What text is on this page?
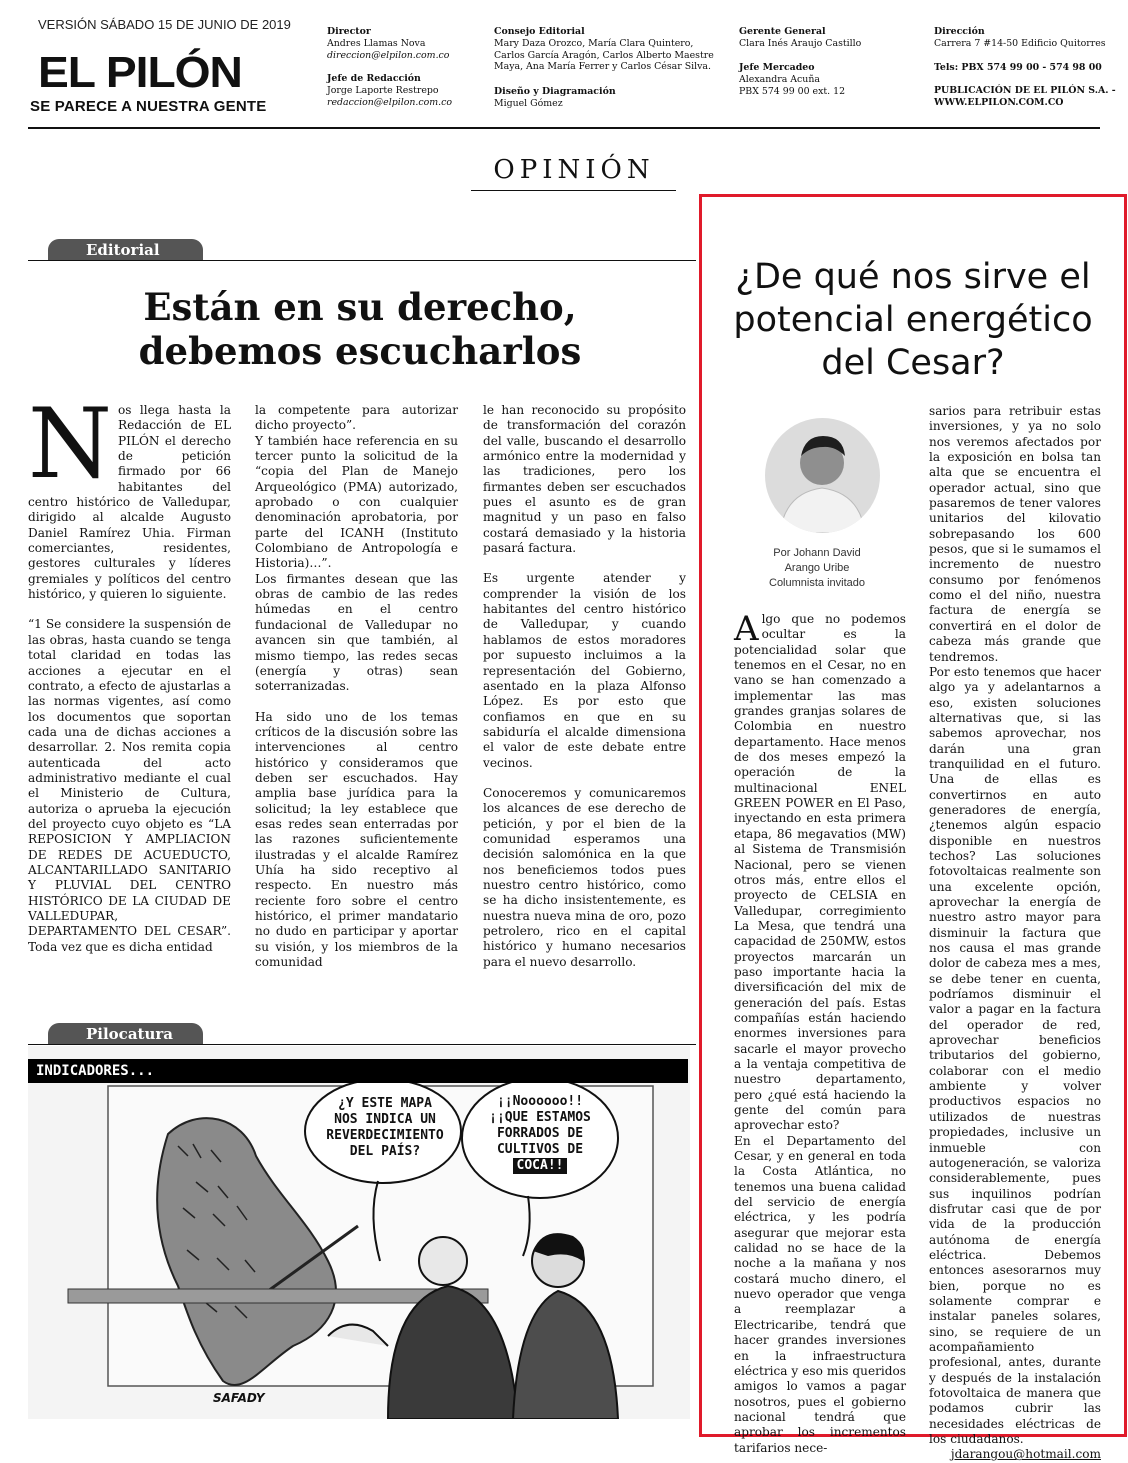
VERSIÓN SÁBADO 15 DE JUNIO DE 2019
EL PILÓN
SE PARECE A NUESTRA GENTE
Director
Andres Llamas Nova
direccion@elpilon.com.co
Jefe de Redacción
Jorge Laporte Restrepo
redaccion@elpilon.com.co
Consejo Editorial
Mary Daza Orozco, María Clara Quintero,
Carlos García Aragón, Carlos Alberto Maestre
Maya, Ana María Ferrer y Carlos César Silva.
Diseño y Diagramación
Miguel Gómez
Gerente General
Clara Inés Araujo Castillo
Jefe Mercadeo
Alexandra Acuña
PBX 574 99 00 ext. 12
Dirección
Carrera 7 #14-50 Edificio Quitorres
Tels: PBX 574 99 00 - 574 98 00
PUBLICACIÓN DE EL PILÓN S.A. -
WWW.ELPILON.COM.CO
OPINIÓN
Editorial
Están en su derecho,
debemos escucharlos

Nos llega hasta la Redacción de EL PILÓN el derecho de petición firmado por 66 habitantes del centro histórico de Valledupar, dirigido al alcalde Augusto Daniel Ramírez Uhia. Firman comerciantes, residentes, gestores culturales y líderes gremiales y políticos del centro histórico, y quieren lo siguiente.

“1 Se considere la suspensión de las obras, hasta cuando se tenga total claridad en todas las acciones a ejecutar en el contrato, a efecto de ajustarlas a las normas vigentes, así como los documentos que soportan cada una de dichas acciones a desarrollar. 2. Nos remita copia autenticada del acto administrativo mediante el cual el Ministerio de Cultura, autoriza o aprueba la ejecución del proyecto cuyo objeto es “LA REPOSICION Y AMPLIACION DE REDES DE ACUEDUCTO, ALCANTARILLADO SANITARIO Y PLUVIAL DEL CENTRO HISTÓRICO DE LA CIUDAD DE VALLEDUPAR, DEPARTAMENTO DEL CESAR”. Toda vez que es dicha entidad

la competente para autorizar dicho proyecto”.

Y también hace referencia en su tercer punto la solicitud de la “copia del Plan de Manejo Arqueológico (PMA) autorizado, aprobado o con cualquier denominación aprobatoria, por parte del ICANH (Instituto Colombiano de Antropología e Historia)…”.

Los firmantes desean que las obras de cambio de las redes húmedas en el centro fundacional de Valledupar no avancen sin que también, al mismo tiempo, las redes secas (energía y otras) sean soterranizadas.

Ha sido uno de los temas críticos de la discusión sobre las intervenciones al centro histórico y consideramos que deben ser escuchados. Hay amplia base jurídica para la solicitud; la ley establece que esas redes sean enterradas por las razones suficientemente ilustradas y el alcalde Ramírez Uhía ha sido receptivo al respecto. En nuestro más reciente foro sobre el centro histórico, el primer mandatario no dudo en participar y aportar su visión, y los miembros de la comunidad

le han reconocido su propósito de transformación del corazón del valle, buscando el desarrollo armónico entre la modernidad y las tradiciones, pero los firmantes deben ser escuchados pues el asunto es de gran magnitud y un paso en falso costará demasiado y la historia pasará factura.

Es urgente atender y comprender la visión de los habitantes del centro histórico de Valledupar, y cuando hablamos de estos moradores por supuesto incluimos a la representación del Gobierno, asentado en la plaza Alfonso López. Es por esto que confiamos en que en su sabiduría el alcalde dimensiona el valor de este debate entre vecinos.

Conoceremos y comunicaremos los alcances de ese derecho de petición, y por el bien de la comunidad esperamos una decisión salomónica en la que nos beneficiemos todos pues nuestro centro histórico, como se ha dicho insistentemente, es nuestra nueva mina de oro, pozo petrolero, rico en el capital histórico y humano necesarios para el nuevo desarrollo.

Pilocatura
¿Y ESTE MAPA
NOS INDICA UN
REVERDECIMIENTO
DEL PAÍS?
¡¡Noooooo!!
¡¡QUE ESTAMOS
FORRADOS DE
CULTIVOS DE
COCA!!
SAFADY
INDICADORES...
¿De qué nos sirve el
potencial energético
del Cesar?
Por Johann David
Arango Uribe
Columnista invitado

Algo que no podemos ocultar es la potencialidad solar que tenemos en el Cesar, no en vano se han comenzado a implementar las mas grandes granjas solares de Colombia en nuestro departamento. Hace menos de dos meses empezó la operación de la multinacional ENEL GREEN POWER en El Paso, inyectando en esta primera etapa, 86 megavatios (MW) al Sistema de Transmisión Nacional, pero se vienen otros más, entre ellos el proyecto de CELSIA en Valledupar, corregimiento La Mesa, que tendrá una capacidad de 250MW, estos proyectos marcarán un paso importante hacia la diversificación del mix de generación del país. Estas compañías están haciendo enormes inversiones para sacarle el mayor provecho a la ventaja competitiva de nuestro departamento, pero ¿qué está haciendo la gente del común para aprovechar esto?

En el Departamento del Cesar, y en general en toda la Costa Atlántica, no tenemos una buena calidad del servicio de energía eléctrica, y les podría asegurar que mejorar esta calidad no se hace de la noche a la mañana y nos costará mucho dinero, el nuevo operador que venga a reemplazar a Electricaribe, tendrá que hacer grandes inversiones en la infraestructura eléctrica y eso mis queridos amigos lo vamos a pagar nosotros, pues el gobierno nacional tendrá que aprobar los incrementos tarifarios nece-

sarios para retribuir estas inversiones, y ya no solo nos veremos afectados por la exposición en bolsa tan alta que se encuentra el operador actual, sino que pasaremos de tener valores unitarios del kilovatio sobrepasando los 600 pesos, que si le sumamos el incremento de nuestro consumo por fenómenos como el del niño, nuestra factura de energía se convertirá en el dolor de cabeza más grande que tendremos.

Por esto tenemos que hacer algo ya y adelantarnos a eso, existen soluciones alternativas que, si las sabemos aprovechar, nos darán una gran tranquilidad en el futuro. Una de ellas es convertirnos en auto generadores de energía, ¿tenemos algún espacio disponible en nuestros techos? Las soluciones fotovoltaicas realmente son una excelente opción, aprovechar la energía de nuestro astro mayor para disminuir la factura que nos causa el mas grande dolor de cabeza mes a mes, se debe tener en cuenta, podríamos disminuir el valor a pagar en la factura del operador de red, aprovechar beneficios tributarios del gobierno, colaborar con el medio ambiente y volver productivos espacios no utilizados de nuestras propiedades, inclusive un inmueble con autogeneración, se valoriza considerablemente, pues sus inquilinos podrían disfrutar casi que de por vida de la producción autónoma de energía eléctrica. Debemos entonces asesorarnos muy bien, porque no es solamente comprar e instalar paneles solares, sino, se requiere de un acompañamiento profesional, antes, durante y después de la instalación fotovoltaica de manera que podamos cubrir las necesidades eléctricas de los ciudadanos.

jdarangou@hotmail.com
